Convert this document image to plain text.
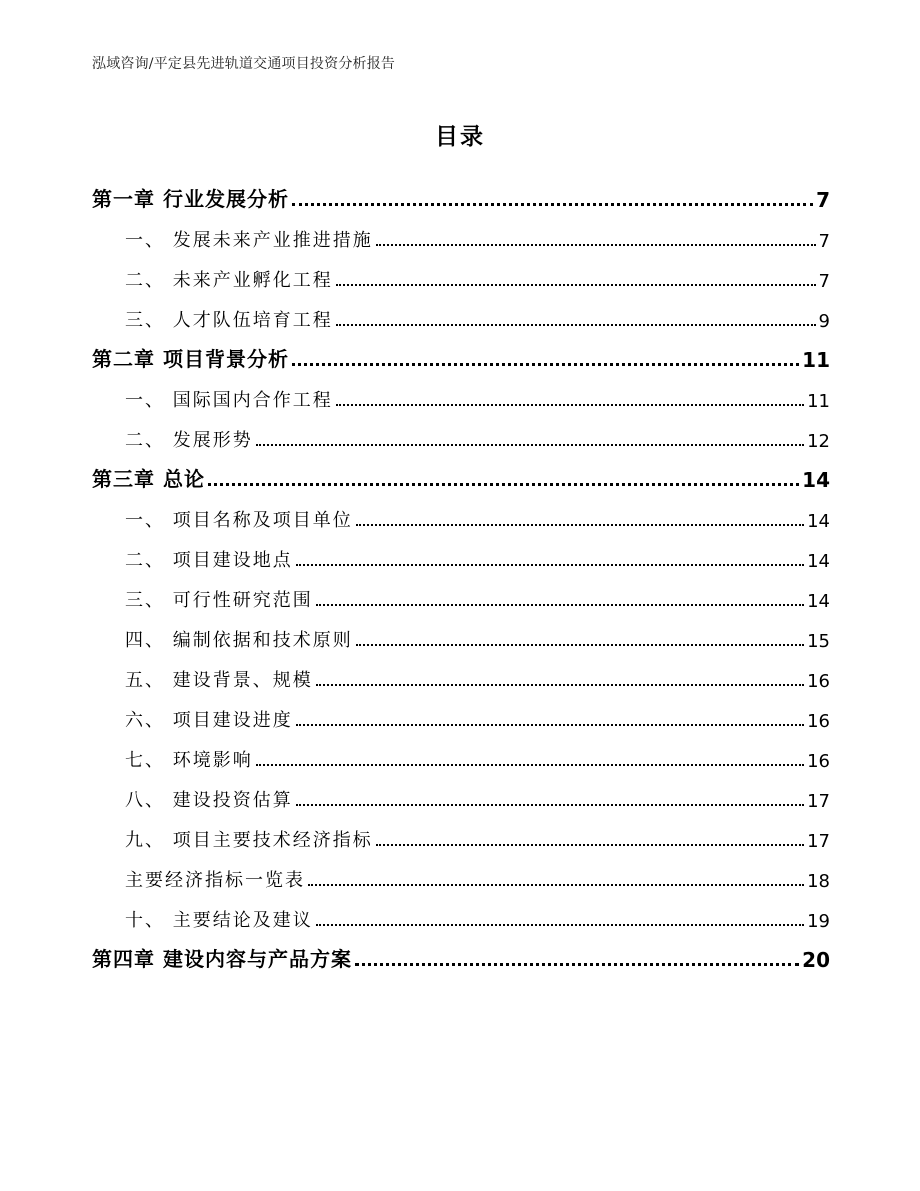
泓域咨询/平定县先进轨道交通项目投资分析报告
目录
第一章 行业发展分析	7
一、 发展未来产业推进措施	7
二、 未来产业孵化工程	7
三、 人才队伍培育工程	9
第二章 项目背景分析	11
一、 国际国内合作工程	11
二、 发展形势	12
第三章 总论	14
一、 项目名称及项目单位	14
二、 项目建设地点	14
三、 可行性研究范围	14
四、 编制依据和技术原则	15
五、 建设背景、规模	16
六、 项目建设进度	16
七、 环境影响	16
八、 建设投资估算	17
九、 项目主要技术经济指标	17
主要经济指标一览表	18
十、 主要结论及建议	19
第四章 建设内容与产品方案	20
